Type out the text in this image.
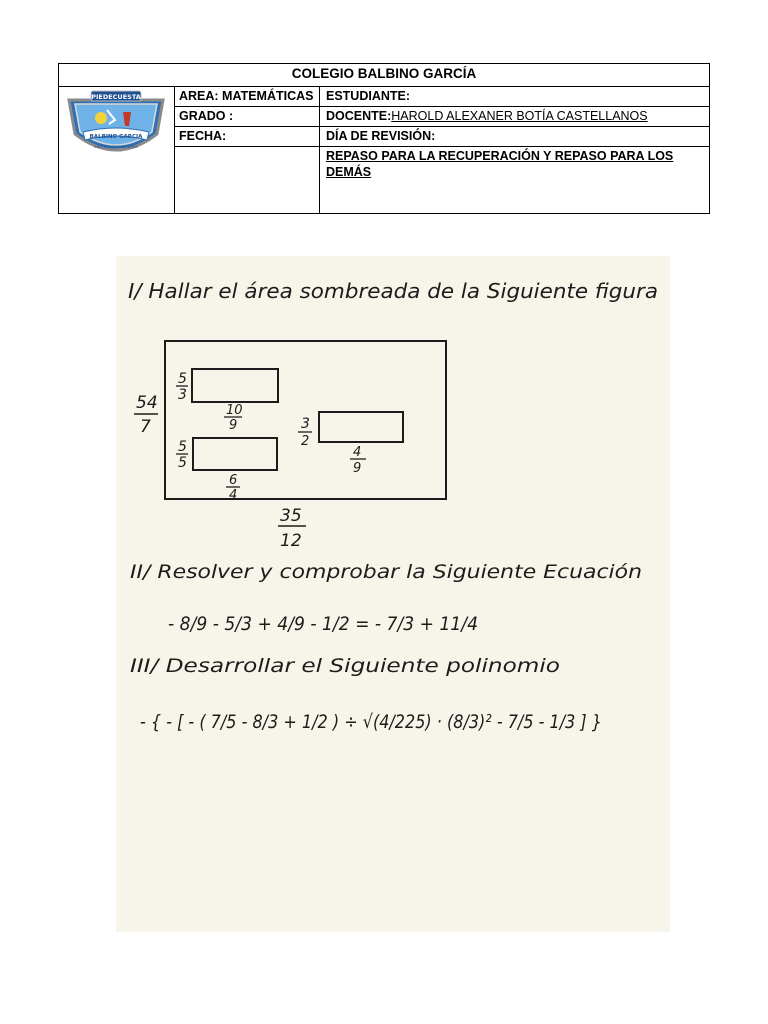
COLEGIO BALBINO GARCÍA
PIEDECUESTA
BALBINO GARCIA
INSTITUCIÓN EDUCATIVA
AREA: MATEMÁTICAS
GRADO :
FECHA:
ESTUDIANTE:
DOCENTE:HAROLD ALEXANER BOTÍA CASTELLANOS
DÍA DE REVISIÓN:
REPASO PARA LA RECUPERACIÓN Y REPASO PARA LOS DEMÁS
I/ Hallar el área sombreada de la Siguiente figura
54
7
35
12
5
3
10
9
5
5
6
4
3
2
4
9
II/ Resolver y comprobar la Siguiente Ecuación
- 8/9 - 5/3 + 4/9 - 1/2 = - 7/3 + 11/4
III/ Desarrollar el Siguiente polinomio
- { - [ - ( 7/5 - 8/3 + 1/2 ) ÷ √(4/225) · (8/3)² - 7/5 - 1/3 ] }
